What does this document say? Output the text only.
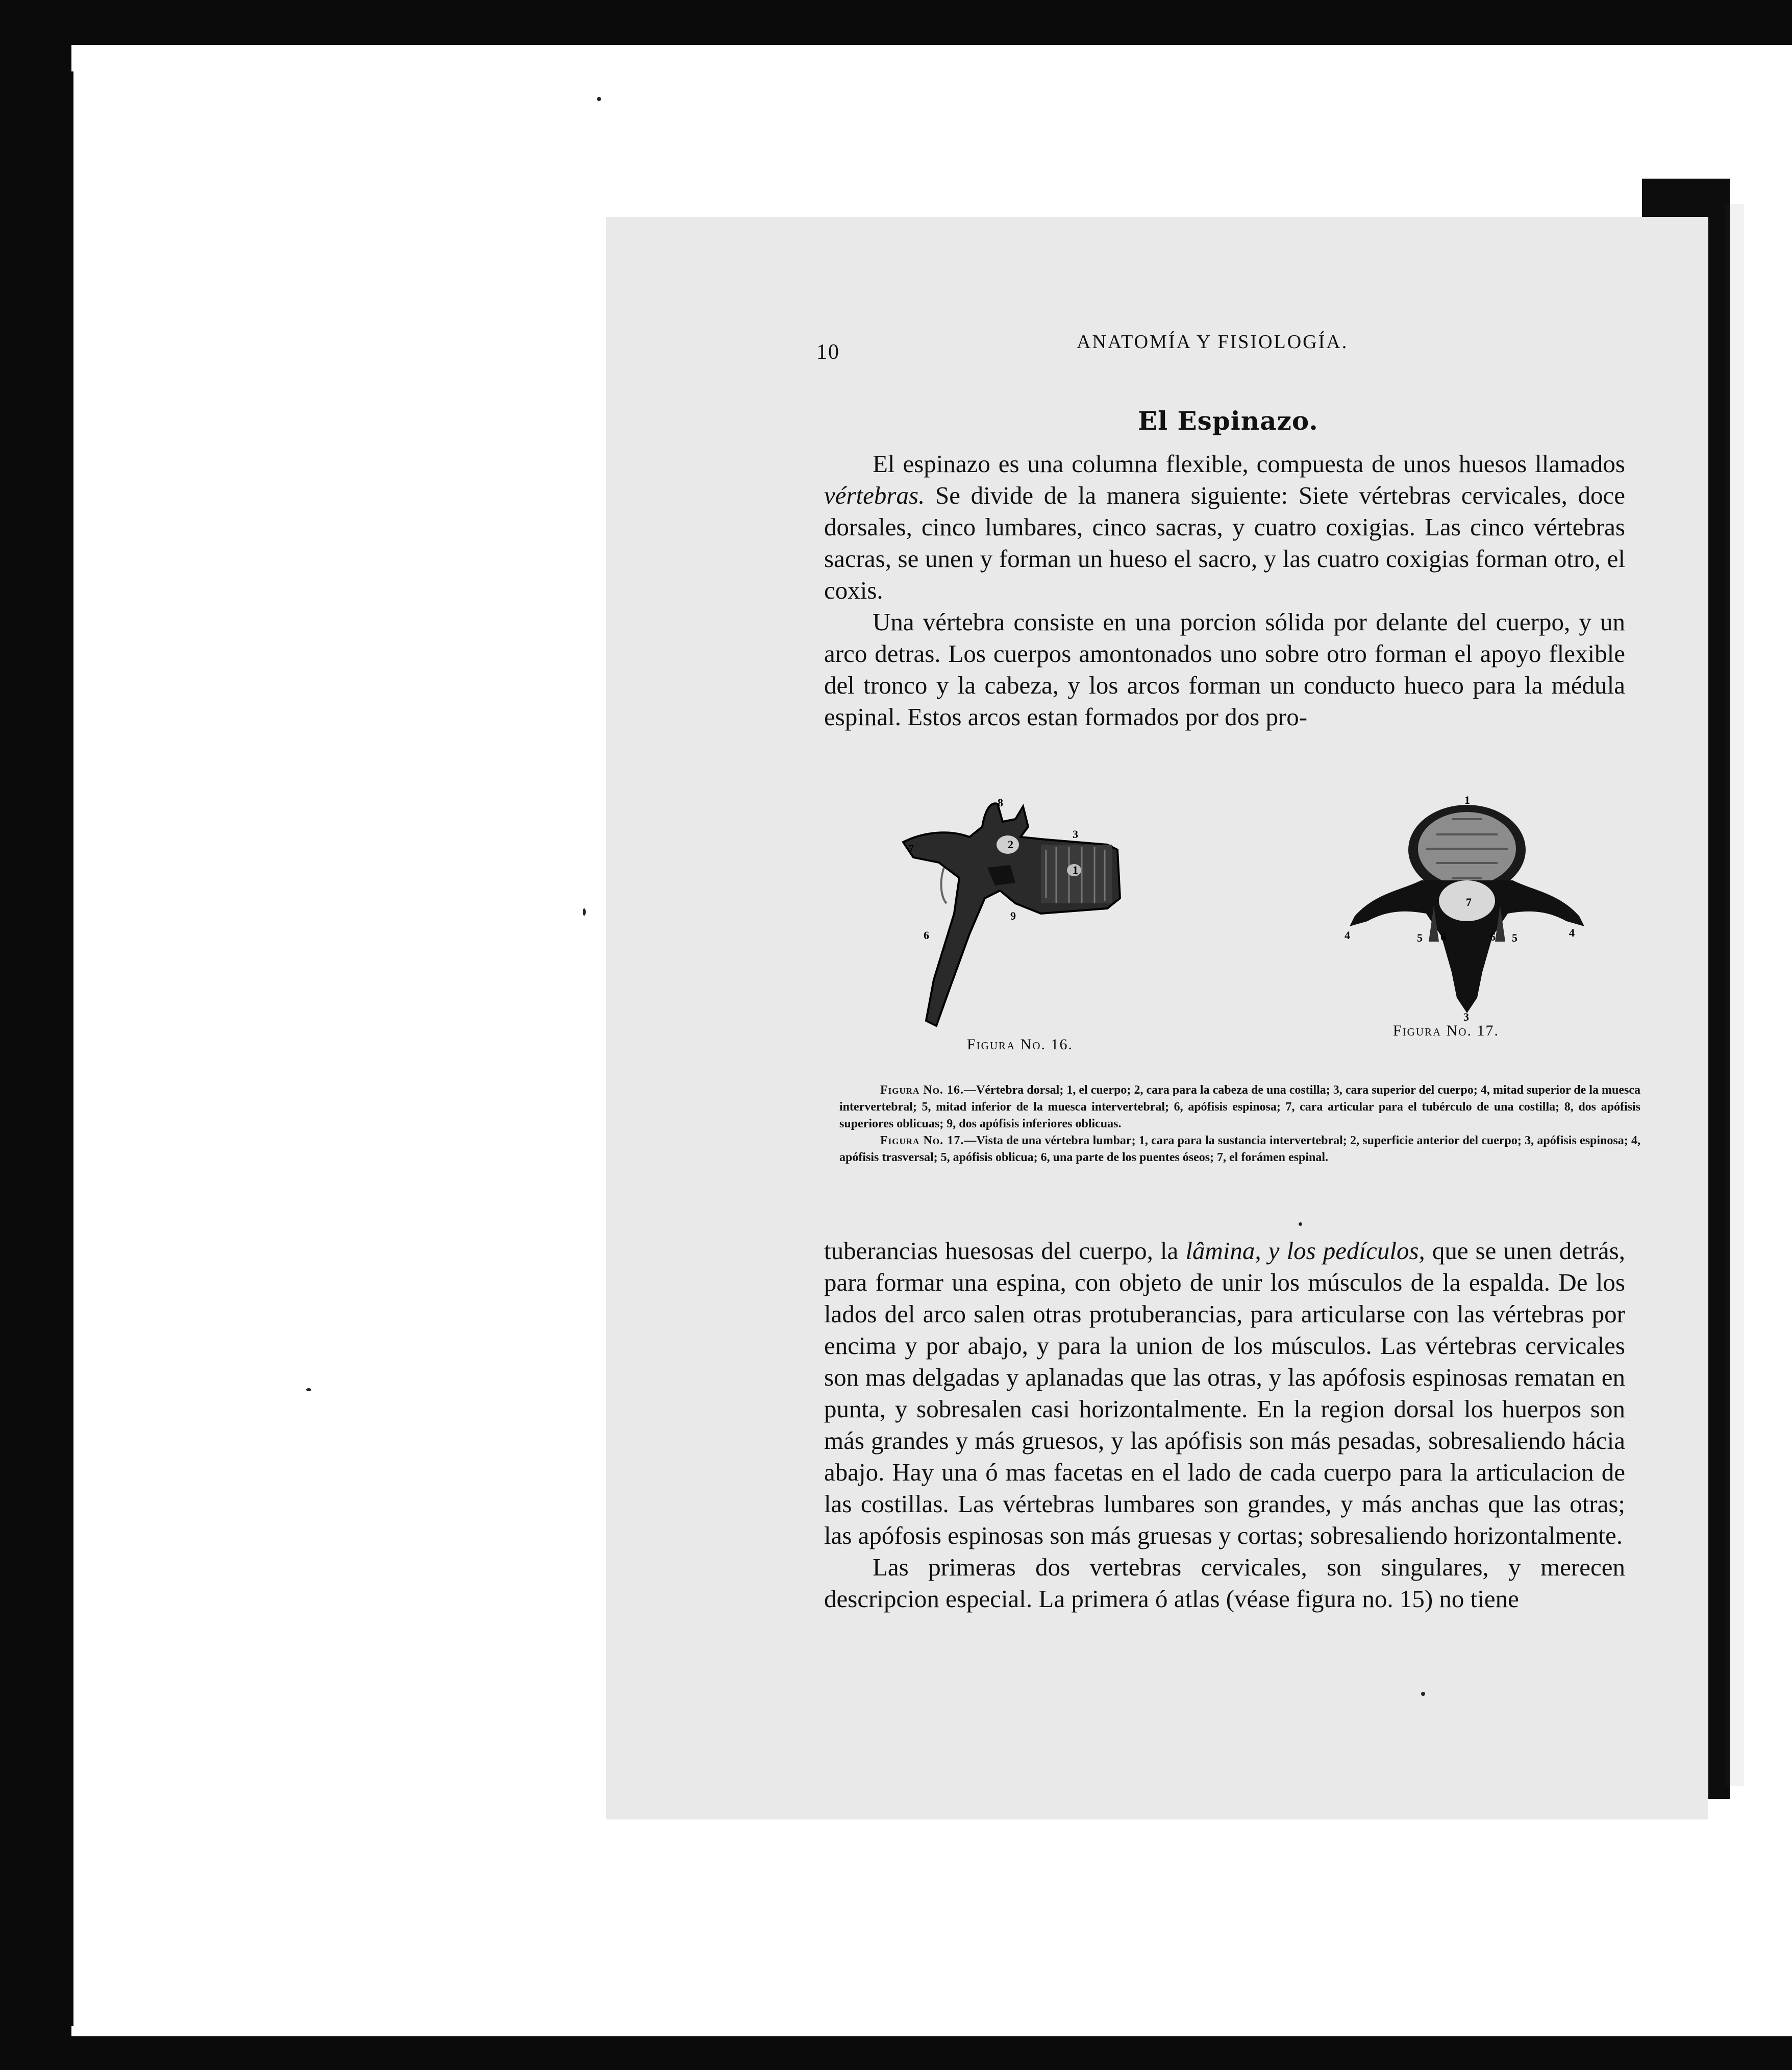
10	ANATOMÍA Y FISIOLOGÍA.
El Espinazo.

El espinazo es una columna flexible, compuesta de unos huesos llamados vértebras. Se divide de la manera siguiente: Siete vértebras cervicales, doce dorsales, cinco lumbares, cinco sacras, y cuatro coxigias. Las cinco vértebras sacras, se unen y forman un hueso el sacro, y las cuatro coxigias forman otro, el coxis.

Una vértebra consiste en una porcion sólida por delante del cuerpo, y un arco detras. Los cuerpos amontonados uno sobre otro forman el apoyo flexible del tronco y la cabeza, y los arcos forman un conducto hueco para la médula espinal. Estos arcos estan formados por dos pro-

2
8
3
1
9
7
6
Figura No. 16.
7
1
4	4
5	5
6	6
3
Figura No. 17.

Figura No. 16.—Vértebra dorsal; 1, el cuerpo; 2, cara para la cabeza de una costilla; 3, cara superior del cuerpo; 4, mitad superior de la muesca intervertebral; 5, mitad inferior de la muesca intervertebral; 6, apófisis espinosa; 7, cara articular para el tubérculo de una costilla; 8, dos apófisis superiores oblicuas; 9, dos apófisis inferiores oblicuas.

Figura No. 17.—Vista de una vértebra lumbar; 1, cara para la sustancia intervertebral; 2, superficie anterior del cuerpo; 3, apófisis espinosa; 4, apófisis trasversal; 5, apófisis oblicua; 6, una parte de los puentes óseos; 7, el forámen espinal.

tuberancias huesosas del cuerpo, la lâmina, y los pedículos, que se unen detrás, para formar una espina, con objeto de unir los músculos de la espalda. De los lados del arco salen otras protuberancias, para articularse con las vértebras por encima y por abajo, y para la union de los músculos. Las vértebras cervicales son mas delgadas y aplanadas que las otras, y las apófosis espinosas rematan en punta, y sobresalen casi horizontalmente. En la region dorsal los huerpos son más grandes y más gruesos, y las apófisis son más pesadas, sobresaliendo hácia abajo. Hay una ó mas facetas en el lado de cada cuerpo para la articulacion de las costillas. Las vértebras lumbares son grandes, y más anchas que las otras; las apófosis espinosas son más gruesas y cortas; sobresaliendo horizontalmente.

Las primeras dos vertebras cervicales, son singulares, y merecen descripcion especial. La primera ó atlas (véase figura no. 15) no tiene
